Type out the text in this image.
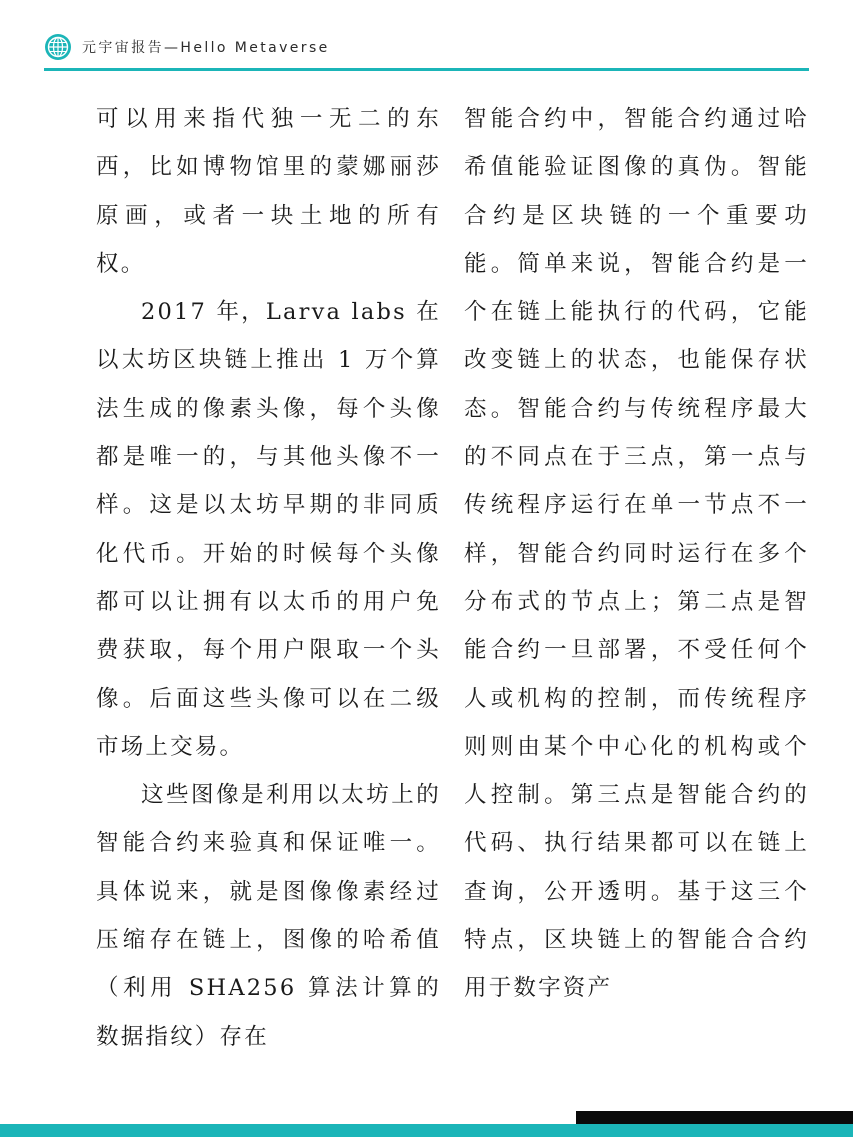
元宇宙报告—Hello Metaverse

可以用来指代独一无二的东西，比如博物馆里的蒙娜丽莎原画，或者一块土地的所有权。

2017 年，Larva labs 在以太坊区块链上推出 1 万个算法生成的像素头像，每个头像都是唯一的，与其他头像不一样。这是以太坊早期的非同质化代币。开始的时候每个头像都可以让拥有以太币的用户免费获取，每个用户限取一个头像。后面这些头像可以在二级市场上交易。

这些图像是利用以太坊上的智能合约来验真和保证唯一。具体说来，就是图像像素经过压缩存在链上，图像的哈希值（利用 SHA256 算法计算的数据指纹）存在

智能合约中，智能合约通过哈希值能验证图像的真伪。智能合约是区块链的一个重要功能。简单来说，智能合约是一个在链上能执行的代码，它能改变链上的状态，也能保存状态。智能合约与传统程序最大的不同点在于三点，第一点与传统程序运行在单一节点不一样，智能合约同时运行在多个分布式的节点上；第二点是智能合约一旦部署，不受任何个人或机构的控制，而传统程序则则由某个中心化的机构或个人控制。第三点是智能合约的代码、执行结果都可以在链上查询，公开透明。基于这三个特点，区块链上的智能合合约用于数字资产
